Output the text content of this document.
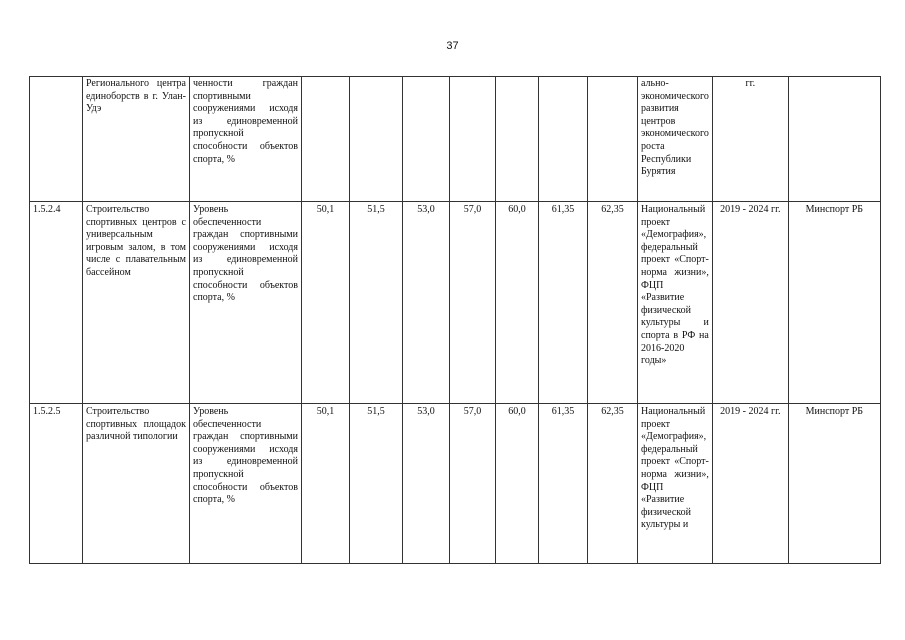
37
	Регионального центра единоборств в г. Улан-Удэ	ченности граждан спортивными сооружениями исходя из единовременной пропускной способности объектов спорта, %								ально-экономического развития центров экономического роста Республики Бурятия	гг.	
1.5.2.4	Строительство спортивных центров с универсальным игровым залом, в том числе с плавательным бассейном	Уровень обеспеченности граждан спортивными сооружениями исходя из единовременной пропускной способности объектов спорта, %	50,1	51,5	53,0	57,0	60,0	61,35	62,35	Национальный проект «Демография», федеральный проект «Спорт-норма жизни», ФЦП «Развитие физической культуры и спорта в РФ на 2016-2020 годы»	2019 - 2024 гг.	Минспорт РБ
1.5.2.5	Строительство спортивных площадок различной типологии	Уровень обеспеченности граждан спортивными сооружениями исходя из единовременной пропускной способности объектов спорта, %	50,1	51,5	53,0	57,0	60,0	61,35	62,35	Национальный проект «Демография», федеральный проект «Спорт-норма жизни», ФЦП «Развитие физической культуры и	2019 - 2024 гг.	Минспорт РБ
